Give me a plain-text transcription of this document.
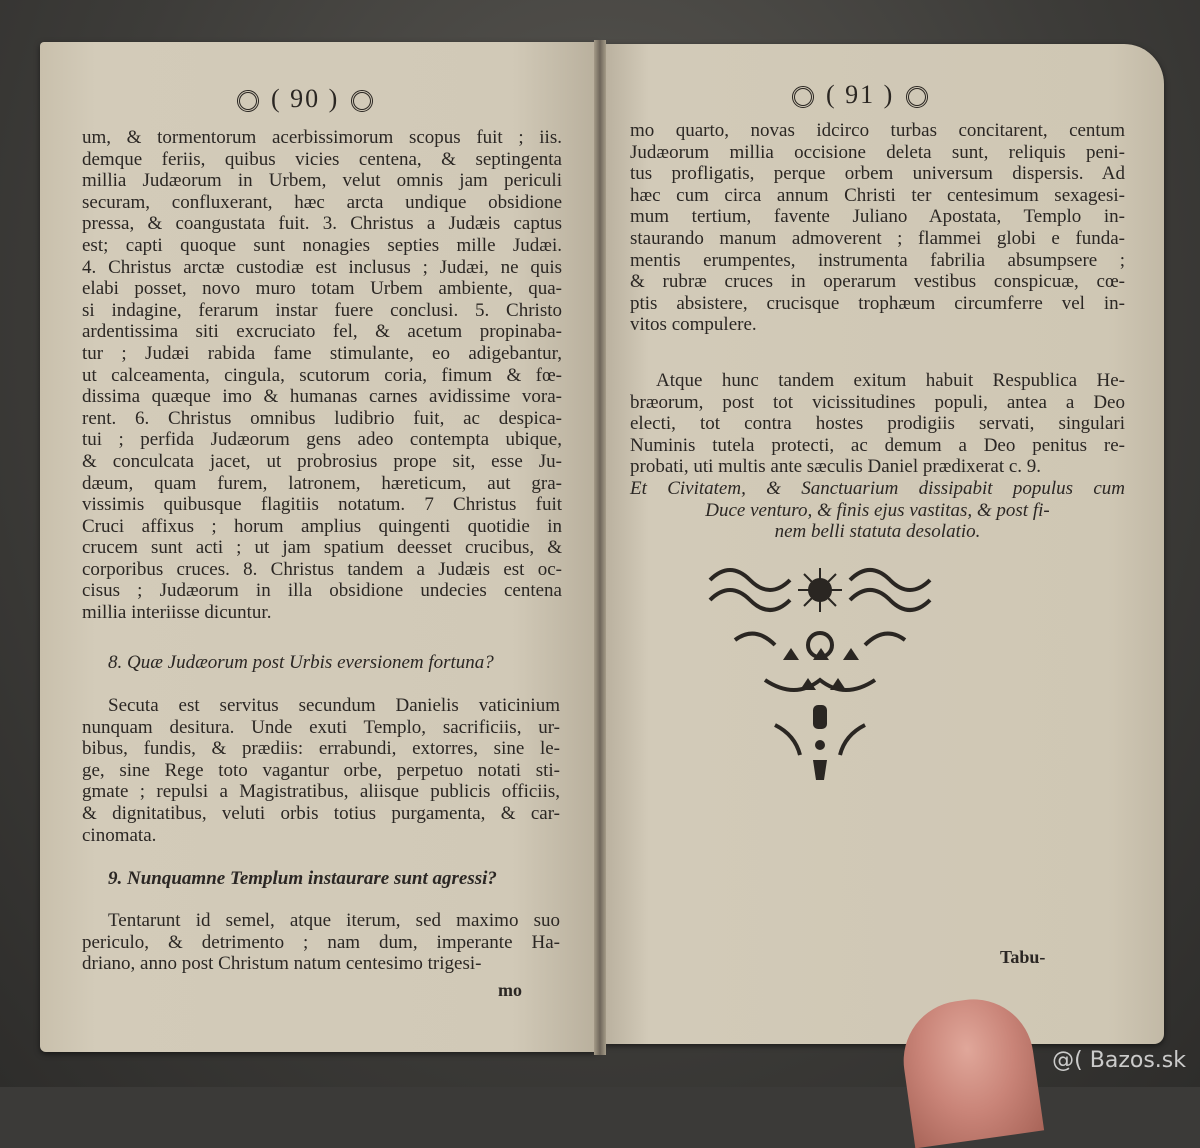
( 90 )	( 91 )
um, & tormentorum acerbissimorum scopus fuit ; iis.
demque feriis, quibus vicies centena, & septingenta
millia Judæorum in Urbem, velut omnis jam periculi
securam, confluxerant, hæc arcta undique obsidione
pressa, & coangustata fuit. 3. Christus a Judæis captus
est; capti quoque sunt nonagies septies mille Judæi.
4. Christus arctæ custodiæ est inclusus ; Judæi, ne quis
elabi posset, novo muro totam Urbem ambiente, qua-
si indagine, ferarum instar fuere conclusi. 5. Christo
ardentissima siti excruciato fel, & acetum propinaba-
tur ; Judæi rabida fame stimulante, eo adigebantur,
ut calceamenta, cingula, scutorum coria, fimum & fœ-
dissima quæque imo & humanas carnes avidissime vora-
rent. 6. Christus omnibus ludibrio fuit, ac despica-
tui ; perfida Judæorum gens adeo contempta ubique,
& conculcata jacet, ut probrosius prope sit, esse Ju-
dæum, quam furem, latronem, hæreticum, aut gra-
vissimis quibusque flagitiis notatum. 7 Christus fuit
Cruci affixus ; horum amplius quingenti quotidie in
crucem sunt acti ; ut jam spatium deesset crucibus, &
corporibus cruces. 8. Christus tandem a Judæis est oc-
cisus ; Judæorum in illa obsidione undecies centena
millia interiisse dicuntur.
8. Quæ Judæorum post Urbis eversionem fortuna?
Secuta est servitus secundum Danielis vaticinium
nunquam desitura. Unde exuti Templo, sacrificiis, ur-
bibus, fundis, & prædiis: errabundi, extorres, sine le-
ge, sine Rege toto vagantur orbe, perpetuo notati sti-
gmate ; repulsi a Magistratibus, aliisque publicis officiis,
& dignitatibus, veluti orbis totius purgamenta, & car-
cinomata.
9. Nunquamne Templum instaurare sunt agressi?
Tentarunt id semel, atque iterum, sed maximo suo
periculo, & detrimento ; nam dum, imperante Ha-
driano, anno post Christum natum centesimo trigesi-
mo
mo quarto, novas idcirco turbas concitarent, centum
Judæorum millia occisione deleta sunt, reliquis peni-
tus profligatis, perque orbem universum dispersis. Ad
hæc cum circa annum Christi ter centesimum sexagesi-
mum tertium, favente Juliano Apostata, Templo in-
staurando manum admoverent ; flammei globi e funda-
mentis erumpentes, instrumenta fabrilia absumpsere ;
& rubræ cruces in operarum vestibus conspicuæ, cœ-
ptis absistere, crucisque trophæum circumferre vel in-
vitos compulere.
Atque hunc tandem exitum habuit Respublica He-
bræorum, post tot vicissitudines populi, antea a Deo
electi, tot contra hostes prodigiis servati, singulari
Numinis tutela protecti, ac demum a Deo penitus re-
probati, uti multis ante sæculis Daniel prædixerat c. 9.
Et Civitatem, & Sanctuarium dissipabit populus cum
Duce venturo, & finis ejus vastitas, & post fi-
nem belli statuta desolatio.
Tabu-
@( Bazos.sk
